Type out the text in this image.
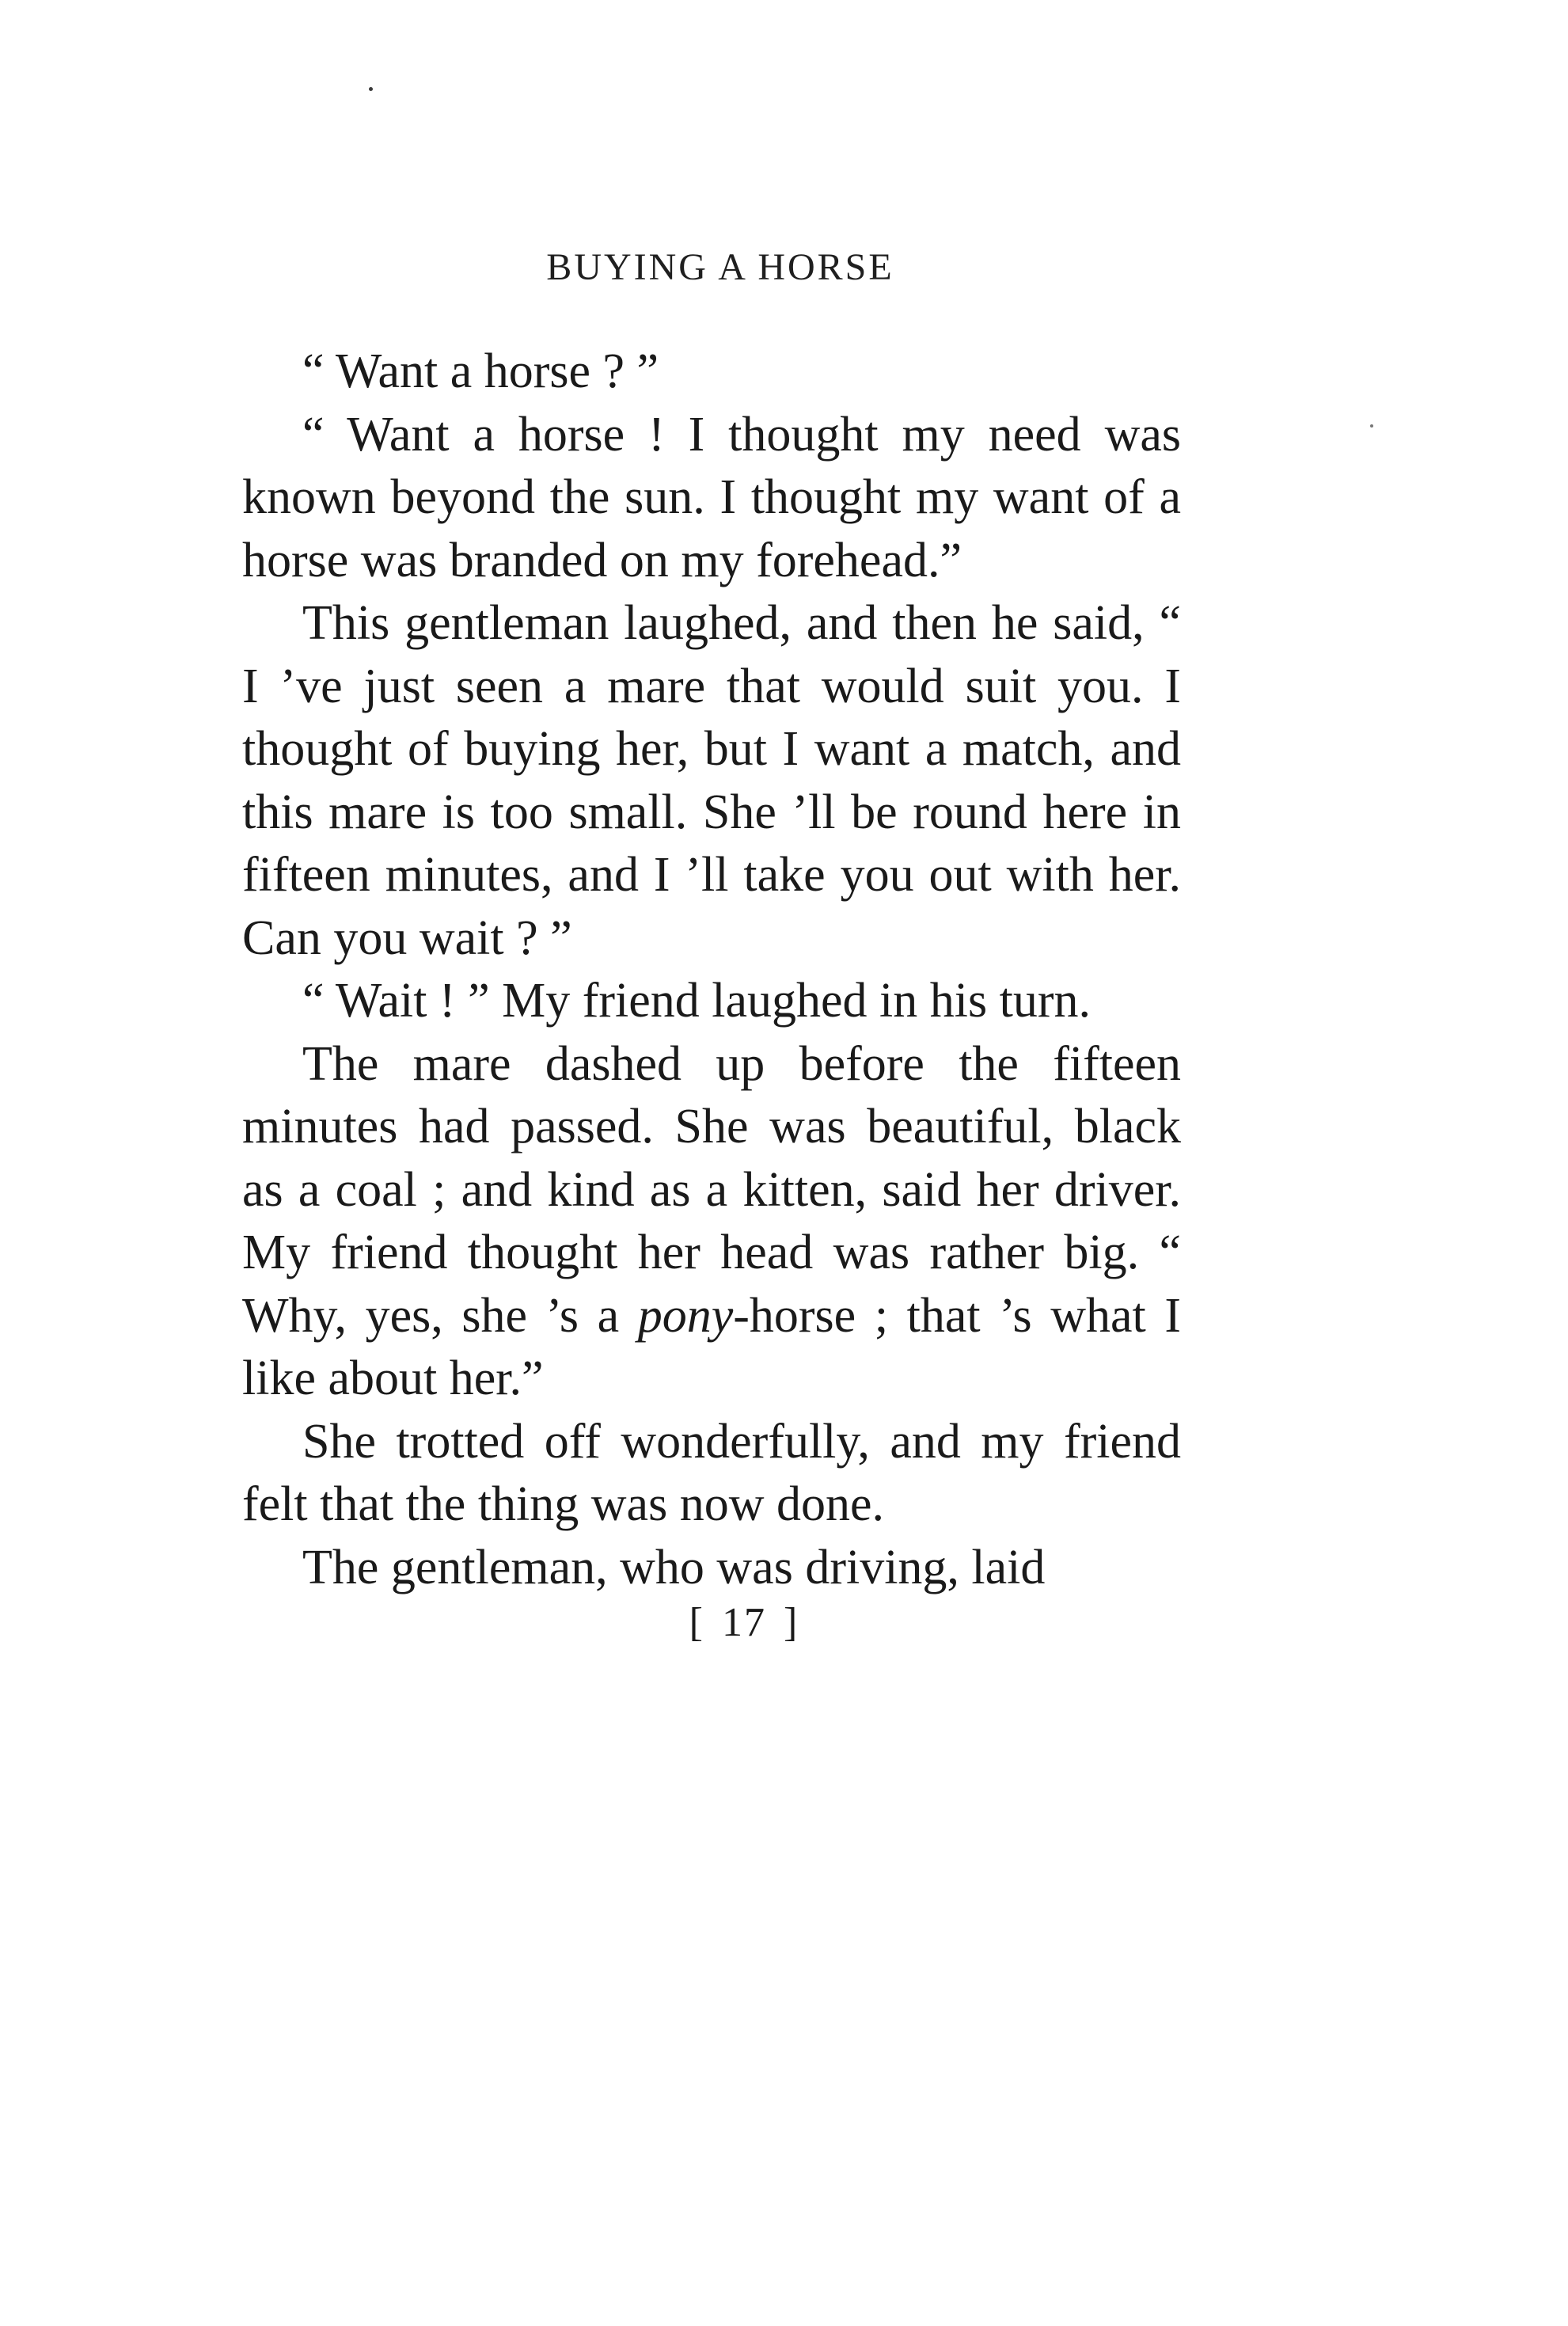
BUYING A HORSE

“ Want a horse ? ”

“ Want a horse ! I thought my need was known beyond the sun. I thought my want of a horse was branded on my forehead.”

This gentleman laughed, and then he said, “ I ’ve just seen a mare that would suit you. I thought of buying her, but I want a match, and this mare is too small. She ’ll be round here in fifteen minutes, and I ’ll take you out with her. Can you wait ? ”

“ Wait ! ” My friend laughed in his turn.

The mare dashed up before the fifteen minutes had passed. She was beautiful, black as a coal ; and kind as a kitten, said her driver. My friend thought her head was rather big. “ Why, yes, she ’s a pony-horse ; that ’s what I like about her.”

She trotted off wonderfully, and my friend felt that the thing was now done.

The gentleman, who was driving, laid

[ 17 ]
